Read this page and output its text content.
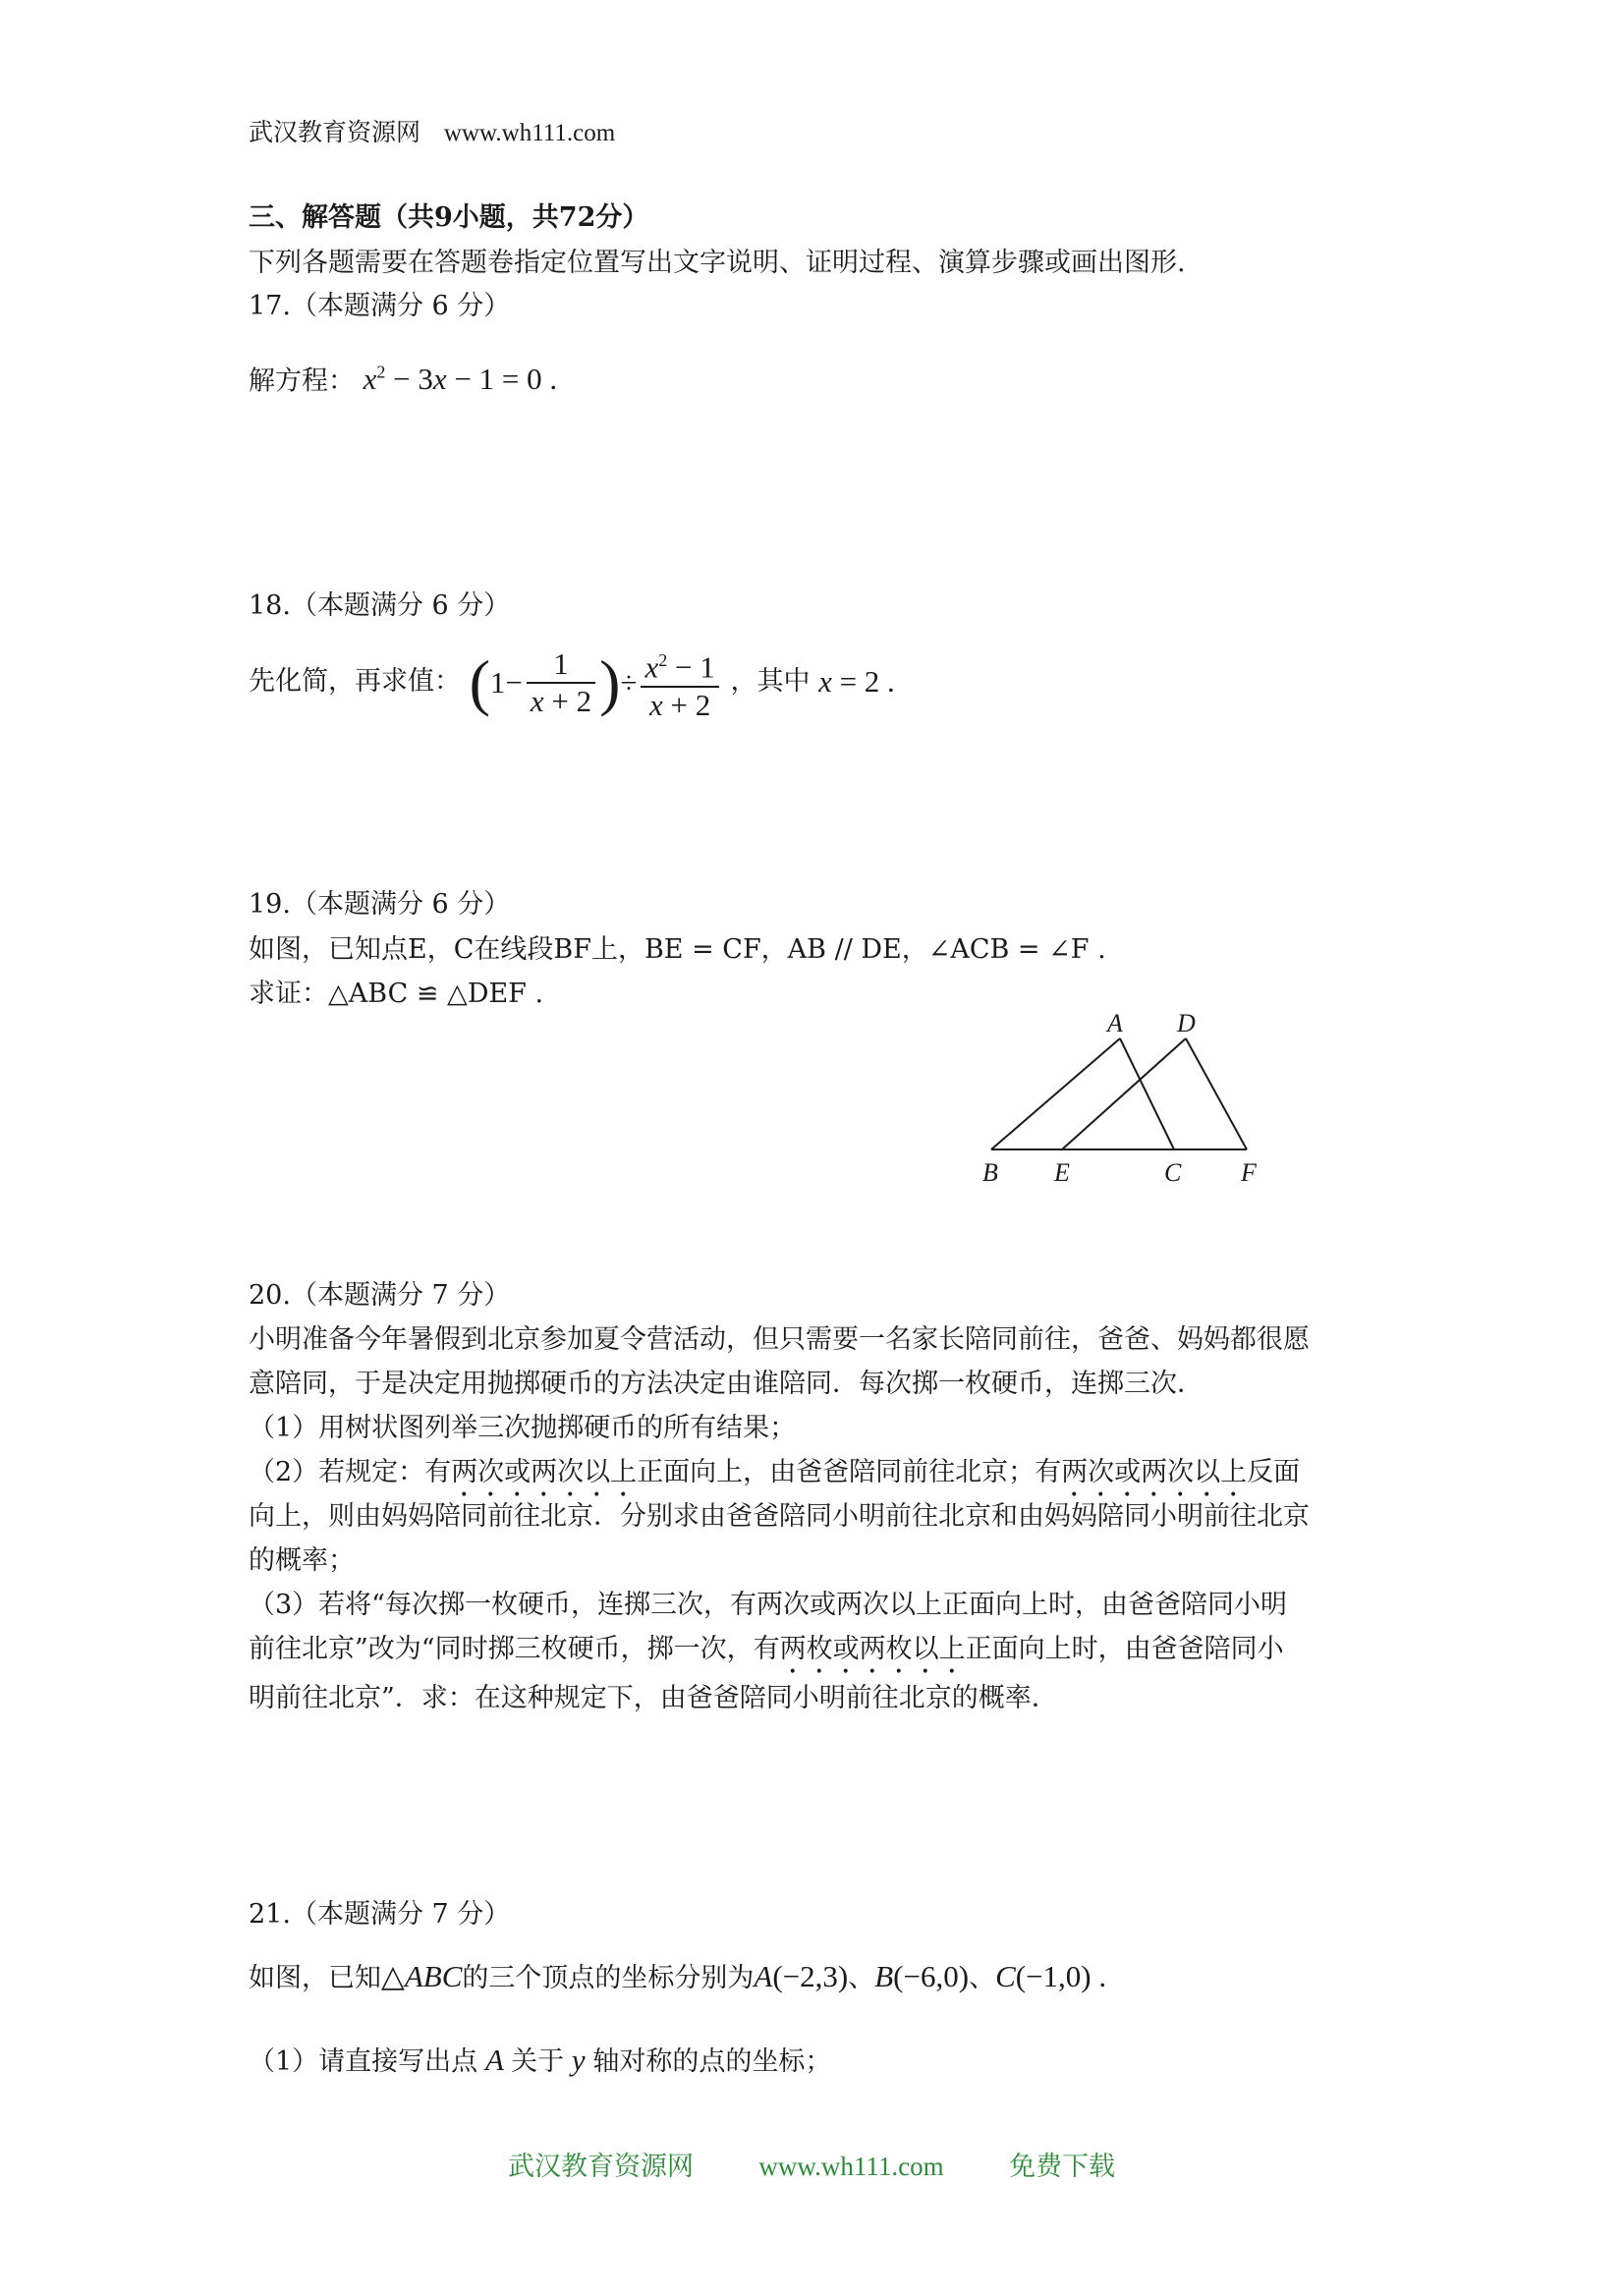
武汉教育资源网 www.wh111.com
三、解答题（共9小题，共72分）
下列各题需要在答题卷指定位置写出文字说明、证明过程、演算步骤或画出图形.
17.（本题满分 6 分）
解方程： $x^2 - 3x - 1 = 0$ .
18.（本题满分 6 分）
先化简，再求值： ($1- \frac{1}{x + 2}$ )÷ $\frac{x^2 - 1}{x + 2}$ ，其中 x = 2 .
19.（本题满分 6 分）
如图，已知点E，C在线段BF上，BE = CF，AB // DE，∠ACB = ∠F .
求证：△ABC ≌ △DEF .
A D
B E	C F
20.（本题满分 7 分）
小明准备今年暑假到北京参加夏令营活动，但只需要一名家长陪同前往，爸爸、妈妈都很愿
意陪同，于是决定用抛掷硬币的方法决定由谁陪同．每次掷一枚硬币，连掷三次．
（1）用树状图列举三次抛掷硬币的所有结果；
（2）若规定：有两次或两次以上正面向上，由爸爸陪同前往北京；有两次或两次以上反面
向上，则由妈妈陪同前往北京．分别求由爸爸陪同小明前往北京和由妈妈陪同小明前往北京
的概率；
（3）若将“每次掷一枚硬币，连掷三次，有两次或两次以上正面向上时，由爸爸陪同小明
前往北京”改为“同时掷三枚硬币，掷一次，有两枚或两枚以上正面向上时，由爸爸陪同小
明前往北京”．求：在这种规定下，由爸爸陪同小明前往北京的概率．
21.（本题满分 7 分）
如图，已知△ABC的三个顶点的坐标分别为A(−2,3)、B(−6,0)、C(−1,0) .
（1）请直接写出点 A 关于 y 轴对称的点的坐标；
武汉教育资源网 www.wh111.com 免费下载
